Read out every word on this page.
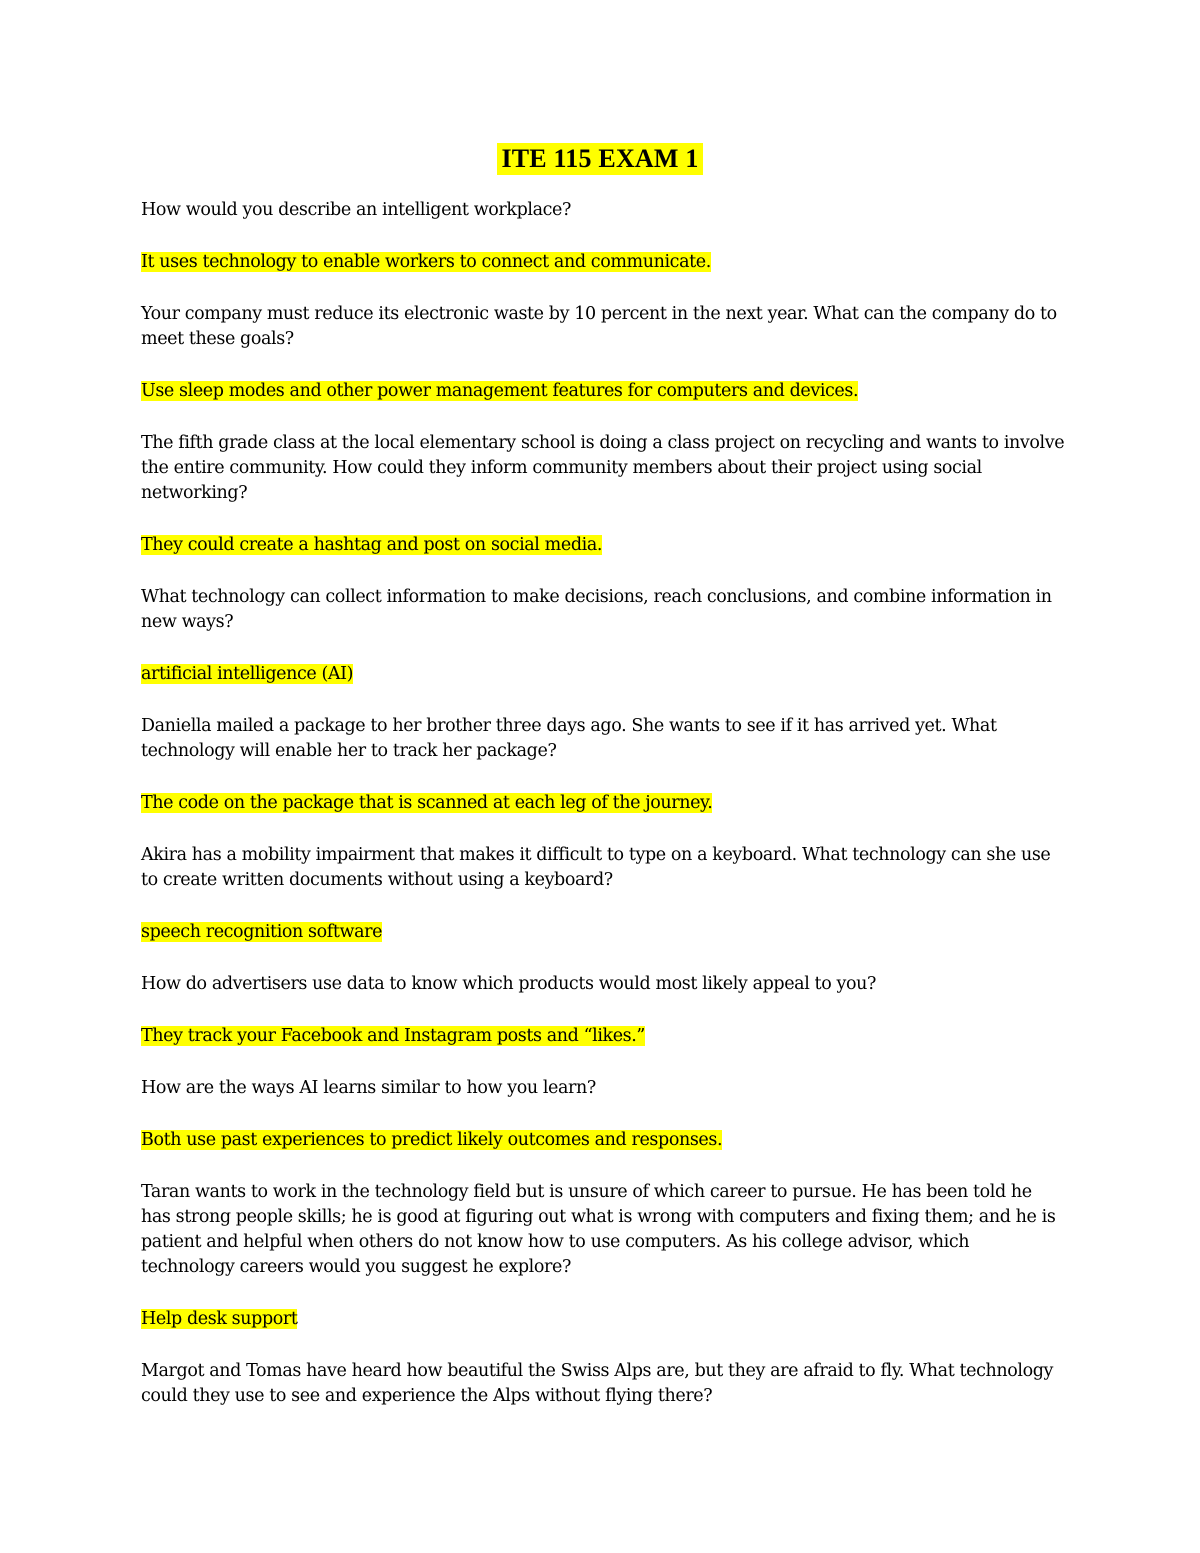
ITE 115 EXAM 1

How would you describe an intelligent workplace?

It uses technology to enable workers to connect and communicate.

Your company must reduce its electronic waste by 10 percent in the next year. What can the company do to meet these goals?

Use sleep modes and other power management features for computers and devices.

The fifth grade class at the local elementary school is doing a class project on recycling and wants to involve the entire community. How could they inform community members about their project using social networking?

They could create a hashtag and post on social media.

What technology can collect information to make decisions, reach conclusions, and combine information in new ways?

artificial intelligence (AI)

Daniella mailed a package to her brother three days ago. She wants to see if it has arrived yet. What technology will enable her to track her package?

The code on the package that is scanned at each leg of the journey.

Akira has a mobility impairment that makes it difficult to type on a keyboard. What technology can she use to create written documents without using a keyboard?

speech recognition software

How do advertisers use data to know which products would most likely appeal to you?

They track your Facebook and Instagram posts and “likes.”

How are the ways AI learns similar to how you learn?

Both use past experiences to predict likely outcomes and responses.

Taran wants to work in the technology field but is unsure of which career to pursue. He has been told he has strong people skills; he is good at figuring out what is wrong with computers and fixing them; and he is patient and helpful when others do not know how to use computers. As his college advisor, which technology careers would you suggest he explore?

Help desk support

Margot and Tomas have heard how beautiful the Swiss Alps are, but they are afraid to fly. What technology could they use to see and experience the Alps without flying there?
